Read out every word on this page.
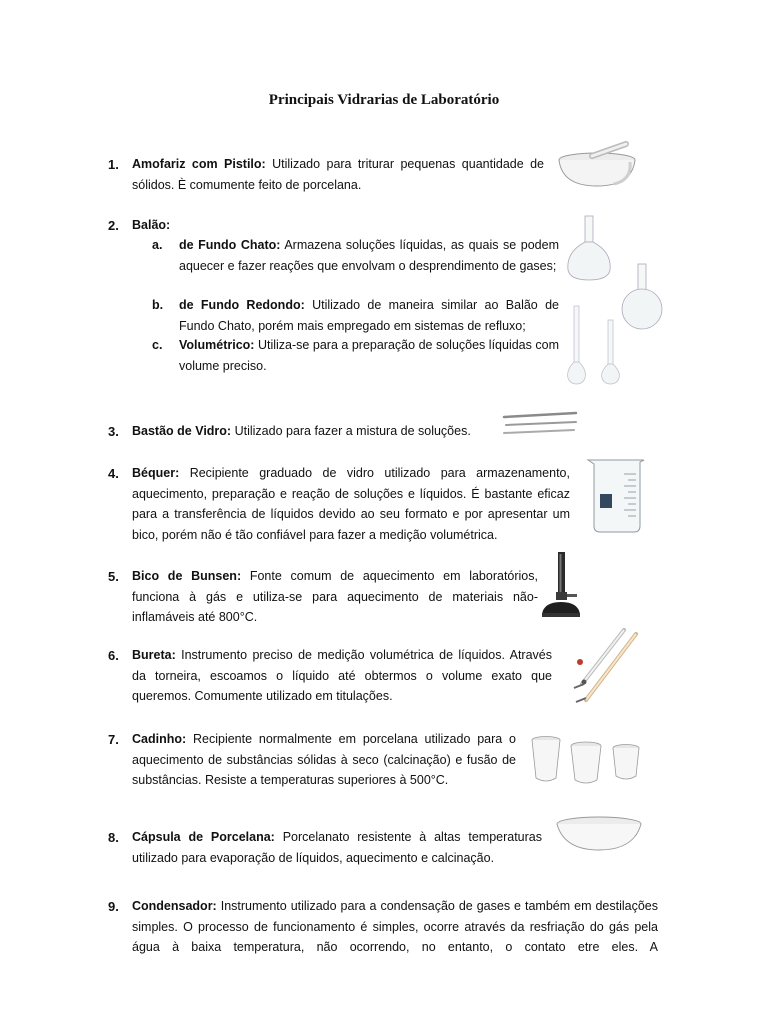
Principais Vidrarias de Laboratório
1.	Amofariz com Pistilo: Utilizado para triturar pequenas quantidade de sólidos. È comumente feito de porcelana.
2.	Balão:
a.	de Fundo Chato: Armazena soluções líquidas, as quais se podem aquecer e fazer reações que envolvam o desprendimento de gases;
b.	de Fundo Redondo: Utilizado de maneira similar ao Balão de Fundo Chato, porém mais empregado em sistemas de refluxo;
c.	Volumétrico: Utiliza-se para a preparação de soluções líquidas com volume preciso.
3.	Bastão de Vidro: Utilizado para fazer a mistura de soluções.
4.	Béquer: Recipiente graduado de vidro utilizado para armazenamento, aquecimento, preparação e reação de soluções e líquidos. É bastante eficaz para a transferência de líquidos devido ao seu formato e por apresentar um bico, porém não é tão confiável para fazer a medição volumétrica.
5.	Bico de Bunsen: Fonte comum de aquecimento em laboratórios, funciona à gás e utiliza-se para aquecimento de materiais não-inflamáveis até 800°C.
6.	Bureta: Instrumento preciso de medição volumétrica de líquidos. Através da torneira, escoamos o líquido até obtermos o volume exato que queremos. Comumente utilizado em titulações.
7.	Cadinho: Recipiente normalmente em porcelana utilizado para o aquecimento de substâncias sólidas à seco (calcinação) e fusão de substâncias. Resiste a temperaturas superiores à 500°C.
8.	Cápsula de Porcelana: Porcelanato resistente à altas temperaturas utilizado para evaporação de líquidos, aquecimento e calcinação.
9.	Condensador: Instrumento utilizado para a condensação de gases e também em destilações simples. O processo de funcionamento é simples, ocorre através da resfriação do gás pela água à baixa temperatura, não ocorrendo, no entanto, o contato etre eles. A
